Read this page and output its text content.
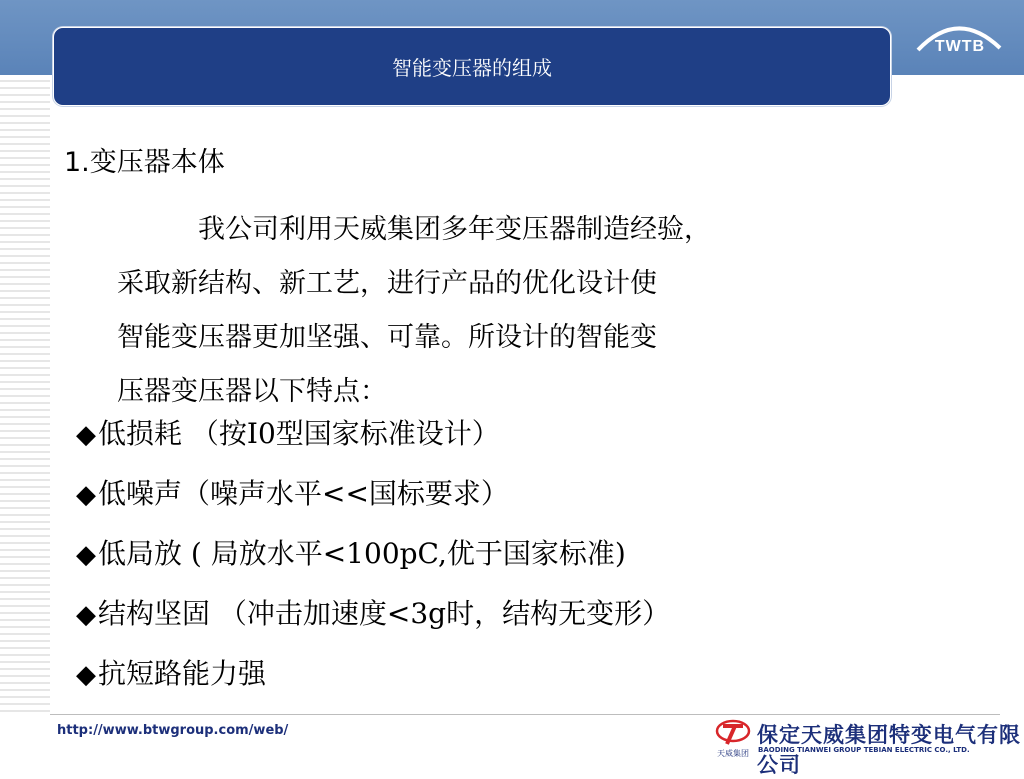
智能变压器的组成
TWTB
1.变压器本体
我公司利用天威集团多年变压器制造经验，
采取新结构、新工艺，进行产品的优化设计使
智能变压器更加坚强、可靠。所设计的智能变
压器变压器以下特点：
◆低损耗 （按I0型国家标准设计）
◆低噪声（噪声水平<<国标要求）
◆低局放 ( 局放水平<100pC,优于国家标准)
◆结构坚固 （冲击加速度<3g时，结构无变形）
◆抗短路能力强
http://www.btwgroup.com/web/
天威集团
保定天威集团特变电气有限公司
BAODING TIANWEI GROUP TEBIAN ELECTRIC CO., LTD.
